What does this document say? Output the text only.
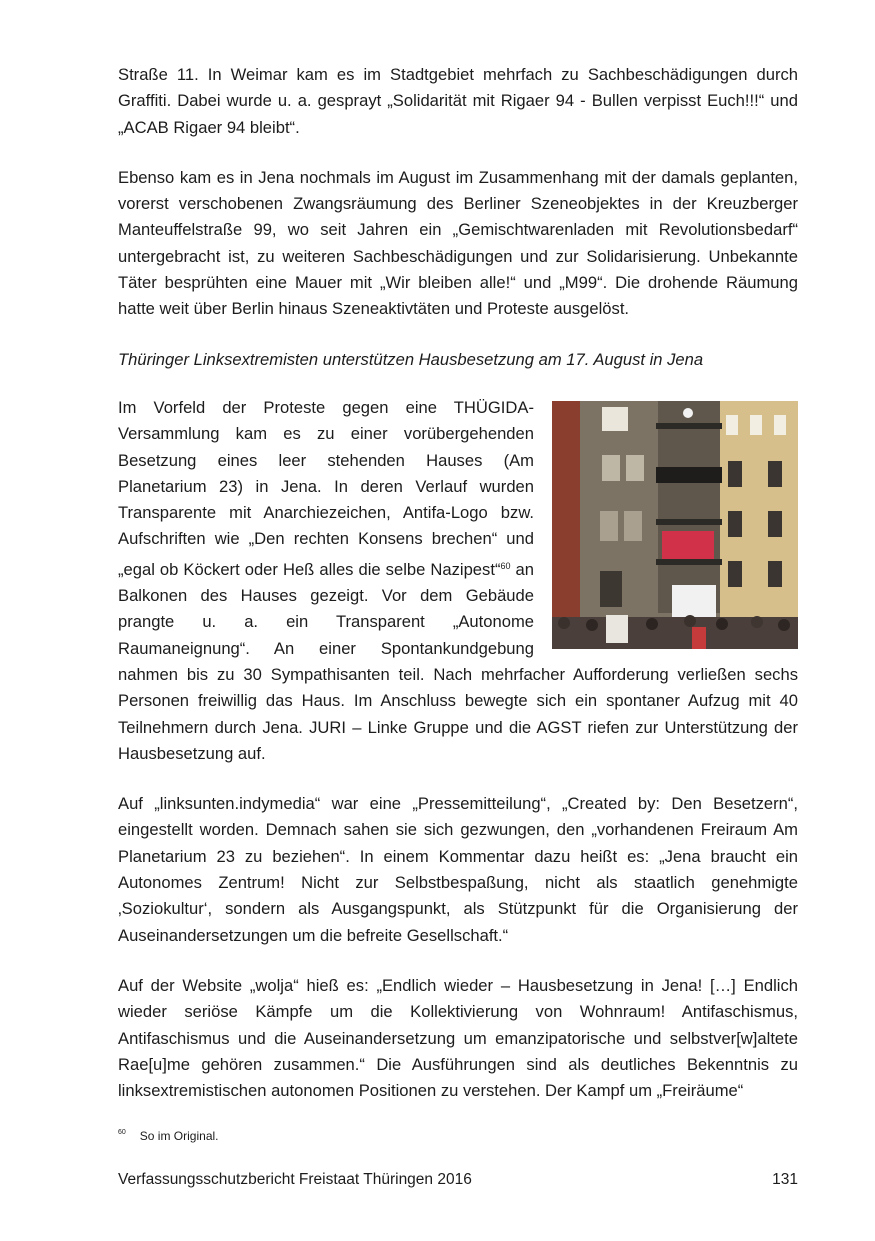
Straße 11. In Weimar kam es im Stadtgebiet mehrfach zu Sachbeschädigungen durch Graffiti. Dabei wurde u. a. gesprayt „Solidarität mit Rigaer 94 - Bullen verpisst Euch!!!“ und „ACAB Rigaer 94 bleibt“.

Ebenso kam es in Jena nochmals im August im Zusammenhang mit der damals geplanten, vorerst verschobenen Zwangsräumung des Berliner Szeneobjektes in der Kreuzberger Manteuffelstraße 99, wo seit Jahren ein „Gemischtwarenladen mit Revolutionsbedarf“ untergebracht ist, zu weiteren Sachbeschädigungen und zur Solidarisierung. Unbekannte Täter besprühten eine Mauer mit „Wir bleiben alle!“ und „M99“. Die drohende Räumung hatte weit über Berlin hinaus Szeneaktivtäten und Proteste ausgelöst.

Thüringer Linksextremisten unterstützen Hausbesetzung am 17. August in Jena

Im Vorfeld der Proteste gegen eine THÜGIDA-Versammlung kam es zu einer vorübergehenden Besetzung eines leer stehenden Hauses (Am Planetarium 23) in Jena. In deren Verlauf wurden Transparente mit Anarchiezeichen, Antifa-Logo bzw. Aufschriften wie „Den rechten Konsens brechen“ und „egal ob Köckert oder Heß alles die selbe Nazipest“$^{60}$ an Balkonen des Hauses gezeigt. Vor dem Gebäude prangte u. a. ein Transparent „Autonome Raumaneignung“. An einer Spontankundgebung nahmen bis zu 30 Sympathisanten teil. Nach mehrfacher Aufforderung verließen sechs Personen freiwillig das Haus. Im Anschluss bewegte sich ein spontaner Aufzug mit 40 Teilnehmern durch Jena. JURI – Linke Gruppe und die AGST riefen zur Unterstützung der Hausbesetzung auf.

Auf „linksunten.indymedia“ war eine „Pressemitteilung“, „Created by: Den Besetzern“, eingestellt worden. Demnach sahen sie sich gezwungen, den „vorhandenen Freiraum Am Planetarium 23 zu beziehen“. In einem Kommentar dazu heißt es: „Jena braucht ein Autonomes Zentrum! Nicht zur Selbstbespaßung, nicht als staatlich genehmigte ‚Soziokultur‘, sondern als Ausgangspunkt, als Stützpunkt für die Organisierung der Auseinandersetzungen um die befreite Gesellschaft.“

Auf der Website „wolja“ hieß es: „Endlich wieder – Hausbesetzung in Jena! […] Endlich wieder seriöse Kämpfe um die Kollektivierung von Wohnraum! Antifaschismus, Antifaschismus und die Auseinandersetzung um emanzipatorische und selbstver[w]altete Rae[u]me gehören zusammen.“ Die Ausführungen sind als deutliches Bekenntnis zu linksextremistischen autonomen Positionen zu verstehen. Der Kampf um „Freiräume“

$^{60}$ So im Original.
Verfassungsschutzbericht Freistaat Thüringen 2016	131
